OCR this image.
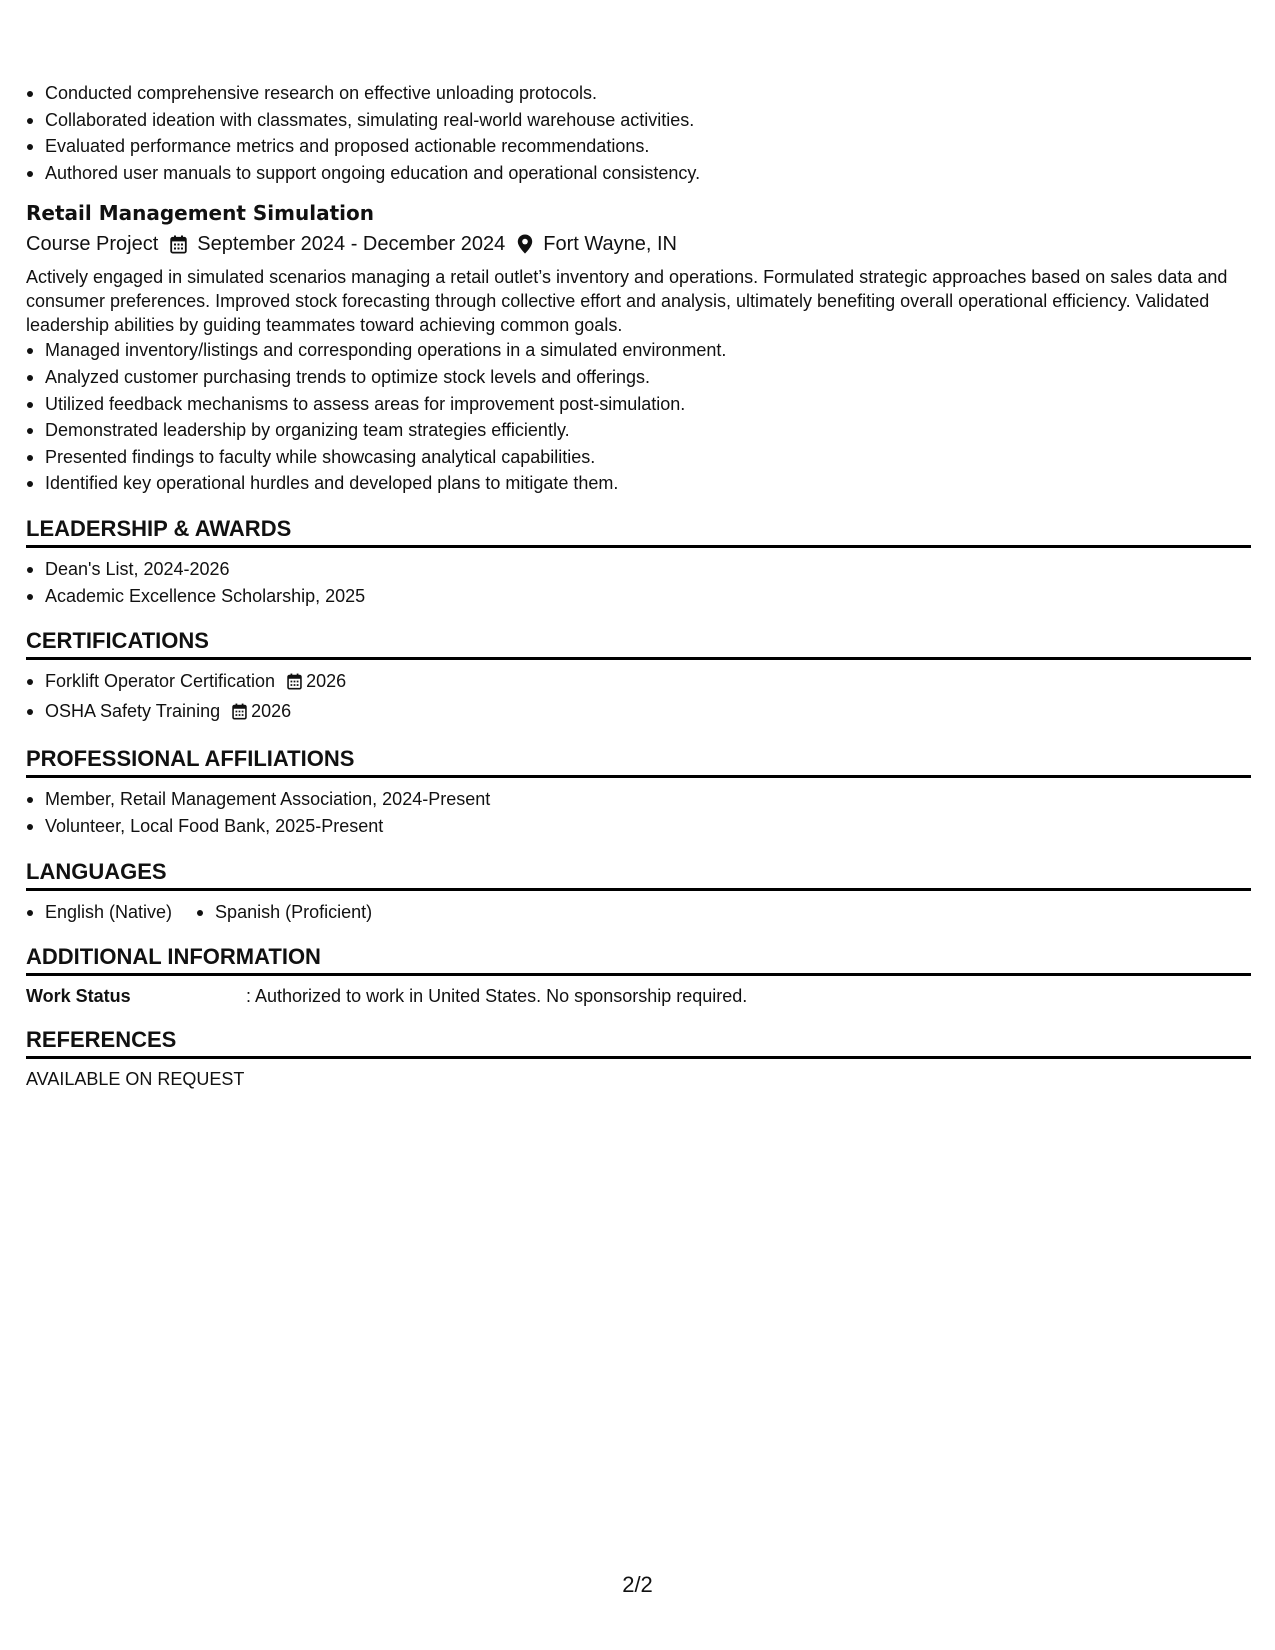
Conducted comprehensive research on effective unloading protocols.
Collaborated ideation with classmates, simulating real-world warehouse activities.
Evaluated performance metrics and proposed actionable recommendations.
Authored user manuals to support ongoing education and operational consistency.
Retail Management Simulation
Course Project September 2024 - December 2024 Fort Wayne, IN

Actively engaged in simulated scenarios managing a retail outlet’s inventory and operations. Formulated strategic approaches based on sales data and consumer preferences. Improved stock forecasting through collective effort and analysis, ultimately benefiting overall operational efficiency. Validated leadership abilities by guiding teammates toward achieving common goals.

Managed inventory/listings and corresponding operations in a simulated environment.
Analyzed customer purchasing trends to optimize stock levels and offerings.
Utilized feedback mechanisms to assess areas for improvement post-simulation.
Demonstrated leadership by organizing team strategies efficiently.
Presented findings to faculty while showcasing analytical capabilities.
Identified key operational hurdles and developed plans to mitigate them.
LEADERSHIP & AWARDS
Dean's List, 2024-2026
Academic Excellence Scholarship, 2025
CERTIFICATIONS
Forklift Operator Certification 2026
OSHA Safety Training 2026
PROFESSIONAL AFFILIATIONS
Member, Retail Management Association, 2024-Present
Volunteer, Local Food Bank, 2025-Present
LANGUAGES
English (Native)	Spanish (Proficient)
ADDITIONAL INFORMATION
Work Status	: Authorized to work in United States. No sponsorship required.
REFERENCES
AVAILABLE ON REQUEST
2/2
